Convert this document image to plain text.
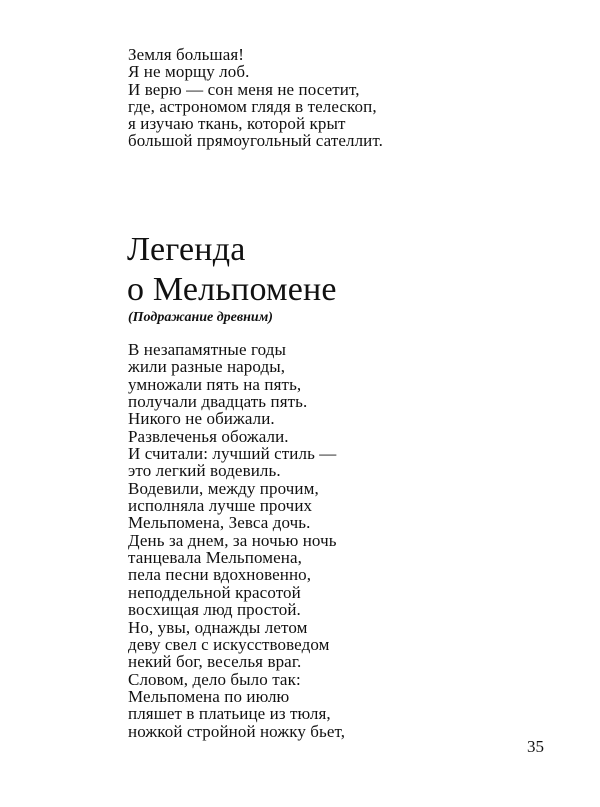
Земля большая!
Я не морщу лоб.
И верю — сон меня не посетит,
где, астрономом глядя в телескоп,
я изучаю ткань, которой крыт
большой прямоугольный сателлит.
Легенда
о Мельпомене

(Подражание древним)

В незапамятные годы
жили разные народы,
умножали пять на пять,
получали двадцать пять.
Никого не обижали.
Развлеченья обожали.
И считали: лучший стиль —
это легкий водевиль.
Водевили, между прочим,
исполняла лучше прочих
Мельпомена, Зевса дочь.
День за днем, за ночью ночь
танцевала Мельпомена,
пела песни вдохновенно,
неподдельной красотой
восхищая люд простой.
Но, увы, однажды летом
деву свел с искусствоведом
некий бог, веселья враг.
Словом, дело было так:
Мельпомена по июлю
пляшет в платьице из тюля,
ножкой стройной ножку бьет,
35
